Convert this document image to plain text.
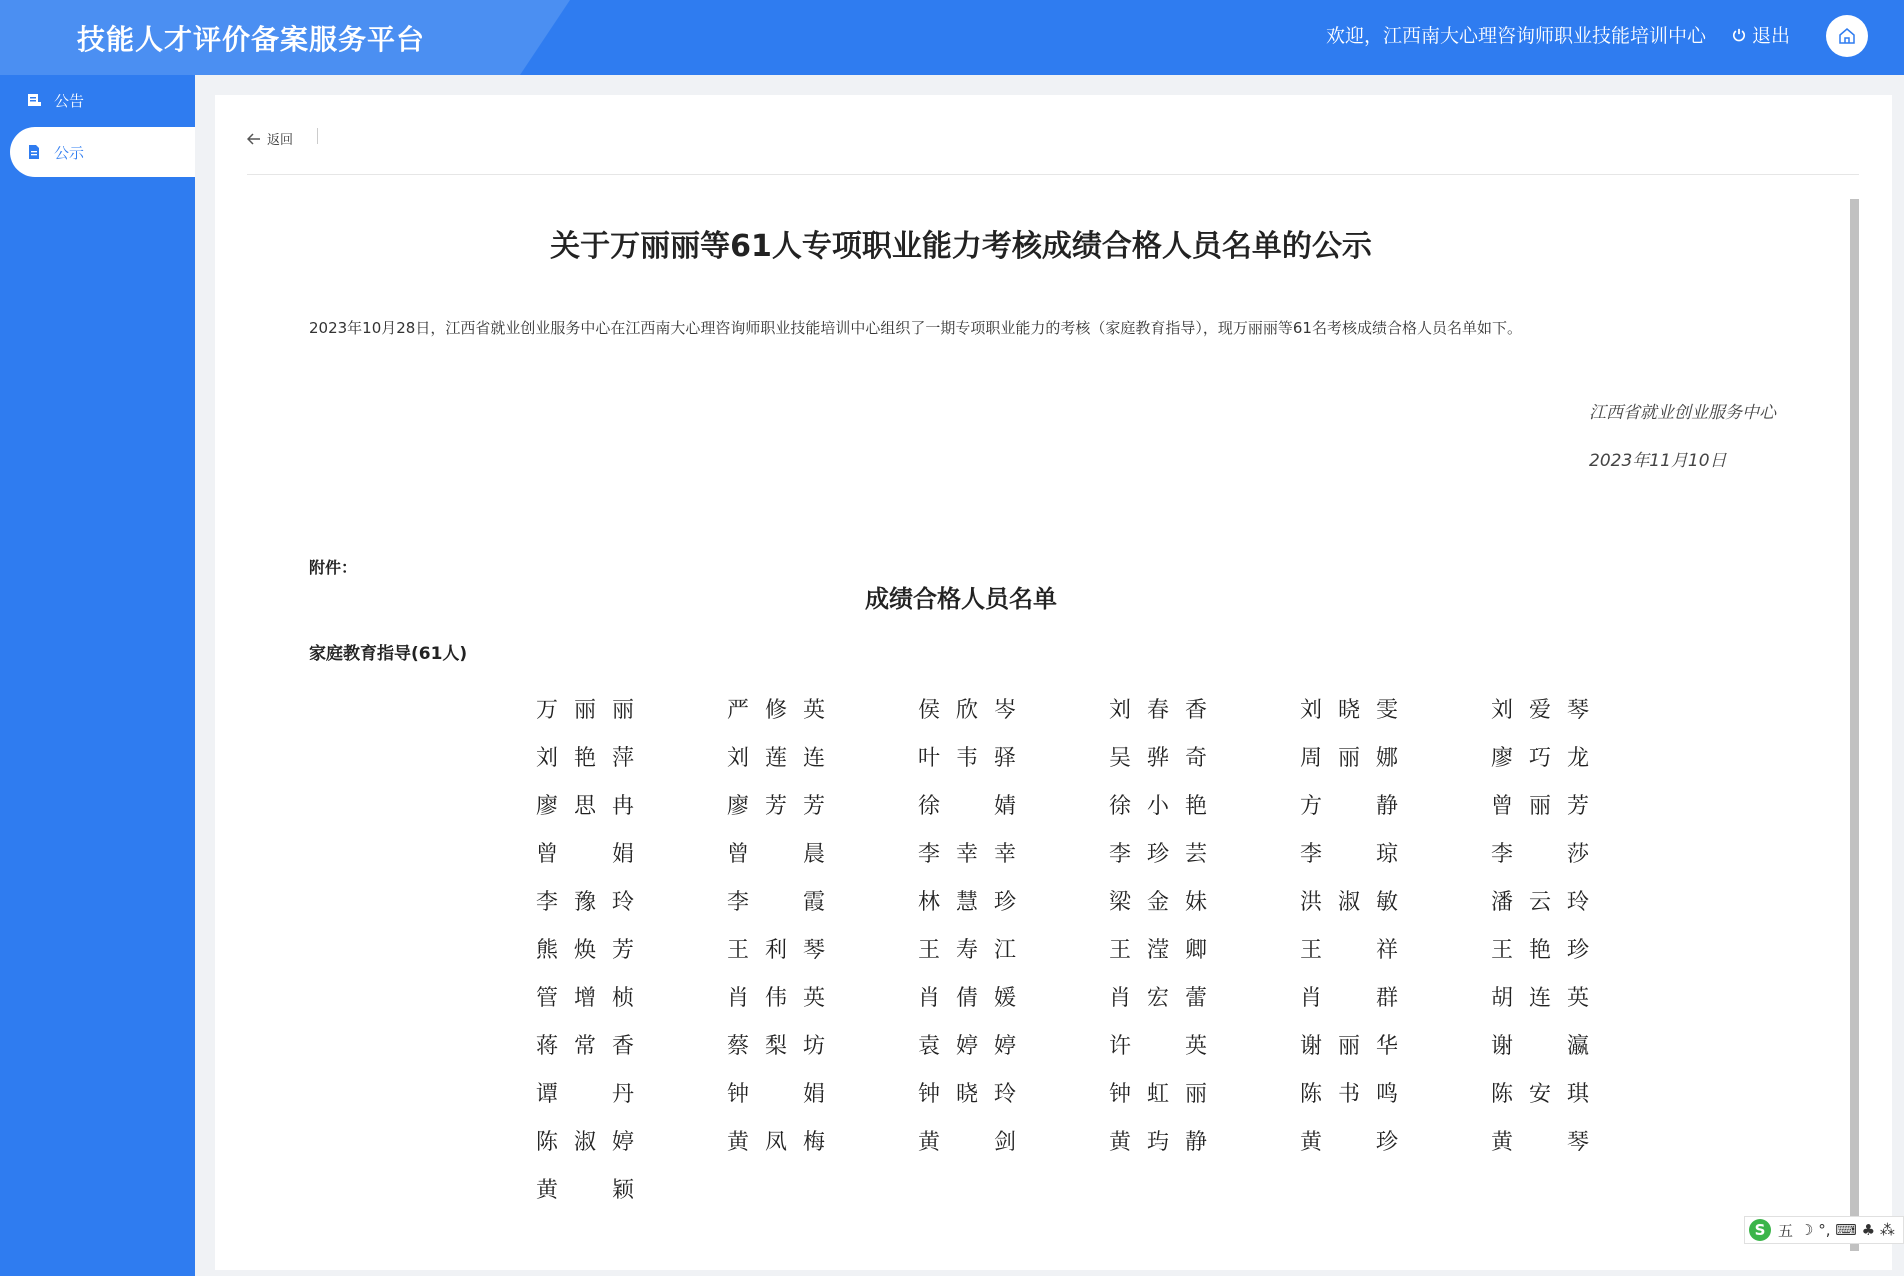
技能人才评价备案服务平台	欢迎，江西南大心理咨询师职业技能培训中心 退出
公告
公示
返回
关于万丽丽等61人专项职业能力考核成绩合格人员名单的公示
2023年10月28日，江西省就业创业服务中心在江西南大心理咨询师职业技能培训中心组织了一期专项职业能力的考核（家庭教育指导），现万丽丽等61名考核成绩合格人员名单如下。
江西省就业创业服务中心
2023年11月10日
附件：
成绩合格人员名单
家庭教育指导(61人)
万 丽 丽	严 修 英	侯 欣 岑	刘 春 香	刘 晓 雯	刘 爱 琴
刘 艳 萍	刘 莲 连	叶 韦 驿	吴 骅 奇	周 丽 娜	廖 巧 龙
廖 思 冉	廖 芳 芳	徐 婧	徐 小 艳	方 静	曾 丽 芳
曾 娟	曾 晨	李 幸 幸	李 珍 芸	李 琼	李 莎
李 豫 玲	李 霞	林 慧 珍	梁 金 妹	洪 淑 敏	潘 云 玲
熊 焕 芳	王 利 琴	王 寿 江	王 滢 卿	王 祥	王 艳 珍
管 增 桢	肖 伟 英	肖 倩 媛	肖 宏 蕾	肖 群	胡 连 英
蒋 常 香	蔡 梨 坊	袁 婷 婷	许 英	谢 丽 华	谢 瀛
谭 丹	钟 娟	钟 晓 玲	钟 虹 丽	陈 书 鸣	陈 安 琪
陈 淑 婷	黄 凤 梅	黄 剑	黄 玙 静	黄 珍	黄 琴
黄 颖
S 五 ☽ °, ⌨ ♣ ⁂
